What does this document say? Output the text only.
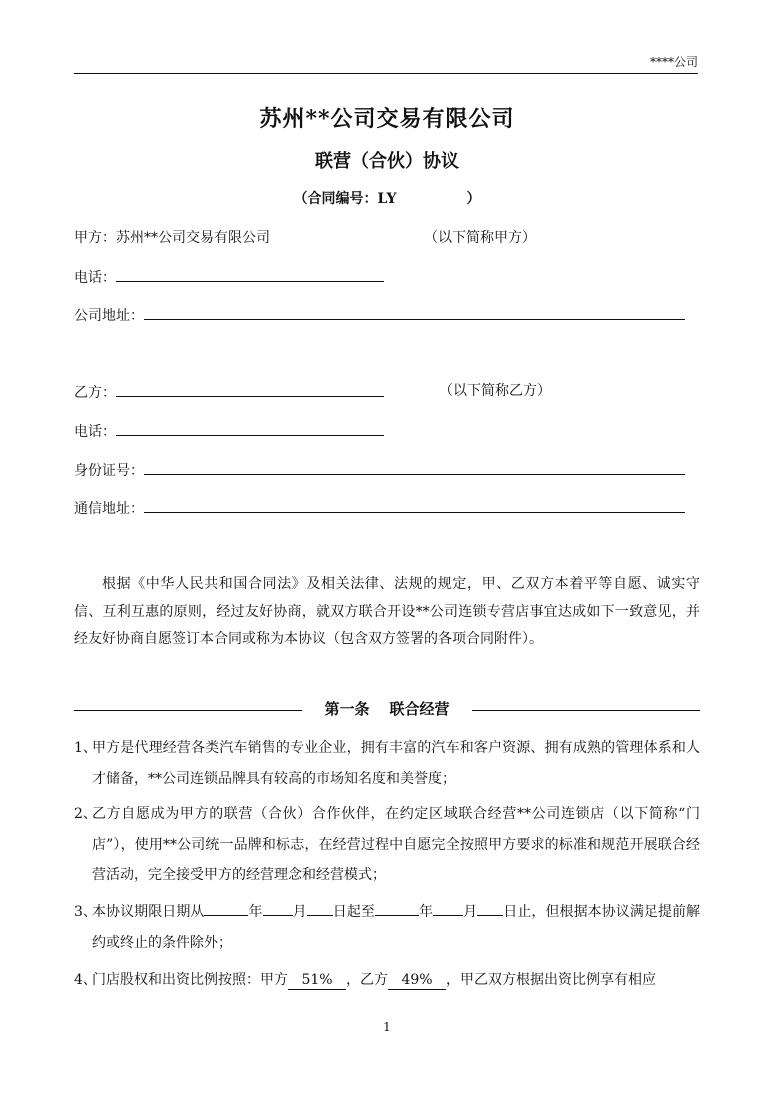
****公司
苏州**公司交易有限公司
联营（合伙）协议
（合同编号：LY	）
甲方：苏州**公司交易有限公司	（以下简称甲方）
电话：
公司地址：
乙方：	（以下简称乙方）
电话：
身份证号：
通信地址：
根据《中华人民共和国合同法》及相关法律、法规的规定，甲、乙双方本着平等自愿、诚实守信、互利互惠的原则，经过友好协商，就双方联合开设**公司连锁专营店事宜达成如下一致意见，并经友好协商自愿签订本合同或称为本协议（包含双方签署的各项合同附件）。
第一条 联合经营
1、
甲方是代理经营各类汽车销售的专业企业，拥有丰富的汽车和客户资源、拥有成熟的管理体系和人才储备，**公司连锁品牌具有较高的市场知名度和美誉度；
2、
乙方自愿成为甲方的联营（合伙）合作伙伴，在约定区域联合经营**公司连锁店（以下简称“门店”），使用**公司统一品牌和标志，在经营过程中自愿完全按照甲方要求的标准和规范开展联合经营活动，完全接受甲方的经营理念和经营模式；
3、
本协议期限日期从	年 月 日起至	年 月 日止，但根据本协议满足提前解约或终止的条件除外；
4、
门店股权和出资比例按照：甲方 51% ，乙方 49% ，甲乙双方根据出资比例享有相应
1
